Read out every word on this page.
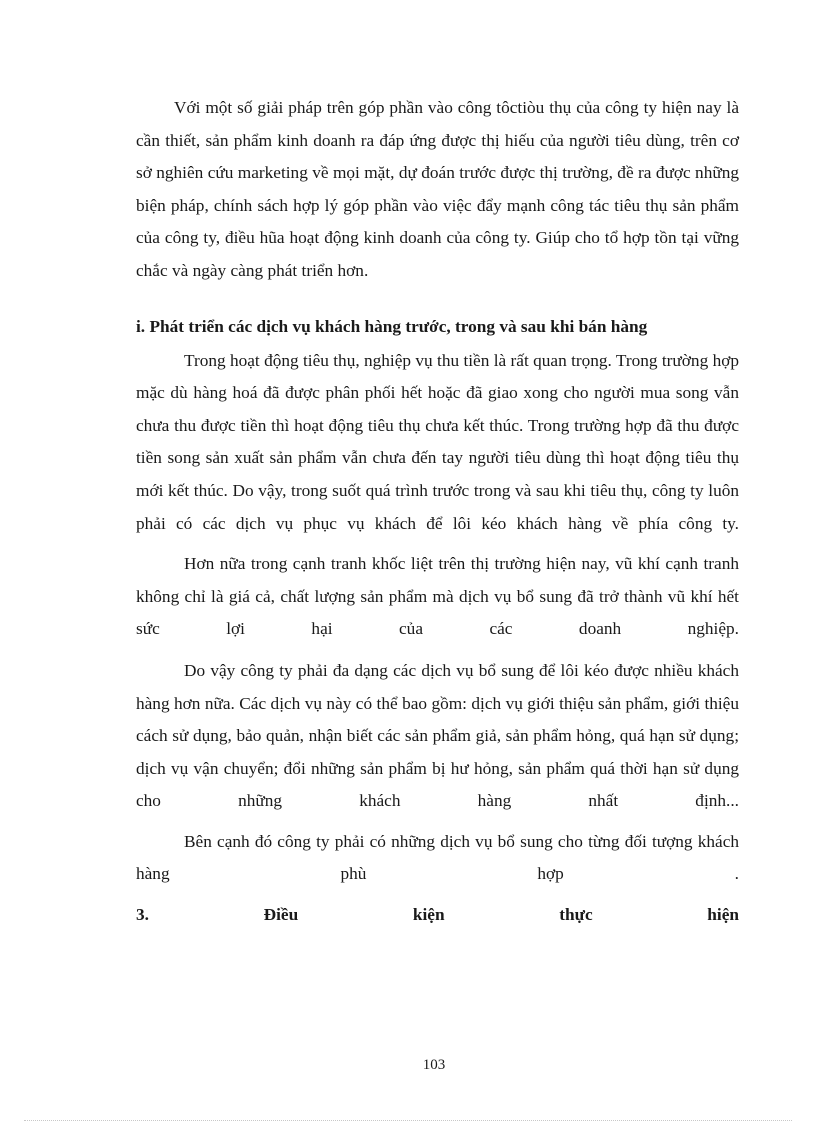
Với một số giải pháp trên góp phần vào công tôctiòu thụ của công ty hiện nay là cần thiết, sản phẩm kinh doanh ra đáp ứng được thị hiếu của người tiêu dùng, trên cơ sở nghiên cứu marketing về mọi mặt, dự đoán trước được thị trường, đề ra được những biện pháp, chính sách hợp lý góp phần vào việc đẩy mạnh công tác tiêu thụ sản phẩm của công ty, điều hũa hoạt động kinh doanh của công ty. Giúp cho tổ hợp tồn tại vững chắc và ngày càng phát triển hơn.

i. Phát triển các dịch vụ khách hàng trước, trong và sau khi bán hàng

Trong hoạt động tiêu thụ, nghiệp vụ thu tiền là rất quan trọng. Trong trường hợp mặc dù hàng hoá đã được phân phối hết hoặc đã giao xong cho người mua song vẫn chưa thu được tiền thì hoạt động tiêu thụ chưa kết thúc. Trong trường hợp đã thu được tiền song sản xuất sản phẩm vẫn chưa đến tay người tiêu dùng thì hoạt động tiêu thụ mới kết thúc. Do vậy, trong suốt quá trình trước trong và sau khi tiêu thụ, công ty luôn phải có các dịch vụ phục vụ khách để lôi kéo khách hàng về phía công ty.

Hơn nữa trong cạnh tranh khốc liệt trên thị trường hiện nay, vũ khí cạnh tranh không chỉ là giá cả, chất lượng sản phẩm mà dịch vụ bổ sung đã trở thành vũ khí hết sức lợi hại của các doanh nghiệp.

Do vậy công ty phải đa dạng các dịch vụ bổ sung để lôi kéo được nhiều khách hàng hơn nữa. Các dịch vụ này có thể bao gồm: dịch vụ giới thiệu sản phẩm, giới thiệu cách sử dụng, bảo quản, nhận biết các sản phẩm giả, sản phẩm hỏng, quá hạn sử dụng; dịch vụ vận chuyển; đổi những sản phẩm bị hư hỏng, sản phẩm quá thời hạn sử dụng cho những khách hàng nhất định...

Bên cạnh đó công ty phải có những dịch vụ bổ sung cho từng đối tượng khách hàng phù hợp .

3. Điều kiện thực hiện
103
